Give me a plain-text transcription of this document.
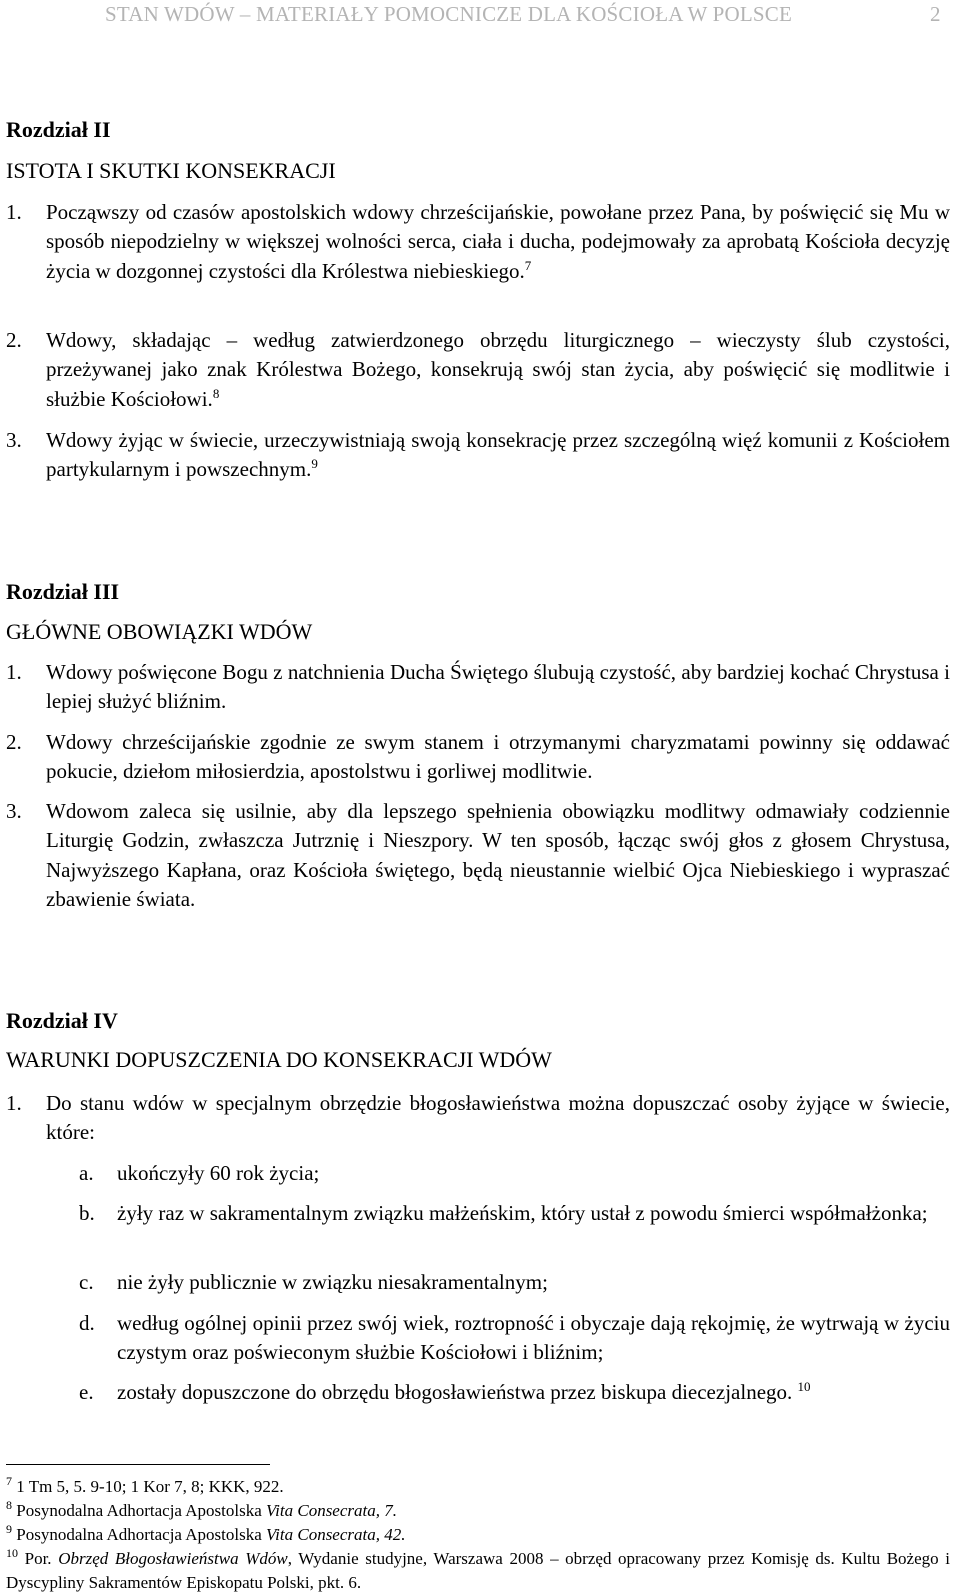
STAN WDÓW – MATERIAŁY POMOCNICZE DLA KOŚCIOŁA W POLSCE	2
Rozdział II
ISTOTA I SKUTKI KONSEKRACJI
1. Począwszy od czasów apostolskich wdowy chrześcijańskie, powołane przez Pana, by poświęcić się Mu w sposób niepodzielny w większej wolności serca, ciała i ducha, podejmowały za aprobatą Kościoła decyzję życia w dozgonnej czystości dla Królestwa niebieskiego.$^7$
2. Wdowy, składając – według zatwierdzonego obrzędu liturgicznego – wieczysty ślub czystości, przeżywanej jako znak Królestwa Bożego, konsekrują swój stan życia, aby poświęcić się modlitwie i służbie Kościołowi.$^8$
3. Wdowy żyjąc w świecie, urzeczywistniają swoją konsekrację przez szczególną więź komunii z Kościołem partykularnym i powszechnym.$^9$
Rozdział III
GŁÓWNE OBOWIĄZKI WDÓW
1. Wdowy poświęcone Bogu z natchnienia Ducha Świętego ślubują czystość, aby bardziej kochać Chrystusa i lepiej służyć bliźnim.
2. Wdowy chrześcijańskie zgodnie ze swym stanem i otrzymanymi charyzmatami powinny się oddawać pokucie, dziełom miłosierdzia, apostolstwu i gorliwej modlitwie.
3. Wdowom zaleca się usilnie, aby dla lepszego spełnienia obowiązku modlitwy odmawiały codziennie Liturgię Godzin, zwłaszcza Jutrznię i Nieszpory. W ten sposób, łącząc swój głos z głosem Chrystusa, Najwyższego Kapłana, oraz Kościoła świętego, będą nieustannie wielbić Ojca Niebieskiego i wypraszać zbawienie świata.
Rozdział IV
WARUNKI DOPUSZCZENIA DO KONSEKRACJI WDÓW
1. Do stanu wdów w specjalnym obrzędzie błogosławieństwa można dopuszczać osoby żyjące w świecie, które:
a. ukończyły 60 rok życia;
b. żyły raz w sakramentalnym związku małżeńskim, który ustał z powodu śmierci współmałżonka;
c. nie żyły publicznie w związku niesakramentalnym;
d. według ogólnej opinii przez swój wiek, roztropność i obyczaje dają rękojmię, że wytrwają w życiu czystym oraz poświeconym służbie Kościołowi i bliźnim;
e. zostały dopuszczone do obrzędu błogosławieństwa przez biskupa diecezjalnego. $^{10}$
$^7$ 1 Tm 5, 5. 9-10; 1 Kor 7, 8; KKK, 922.
$^8$ Posynodalna Adhortacja Apostolska Vita Consecrata, 7.
$^9$ Posynodalna Adhortacja Apostolska Vita Consecrata, 42.
$^{10}$ Por. Obrzęd Błogosławieństwa Wdów, Wydanie studyjne, Warszawa 2008 – obrzęd opracowany przez Komisję ds. Kultu Bożego i Dyscypliny Sakramentów Episkopatu Polski, pkt. 6.
